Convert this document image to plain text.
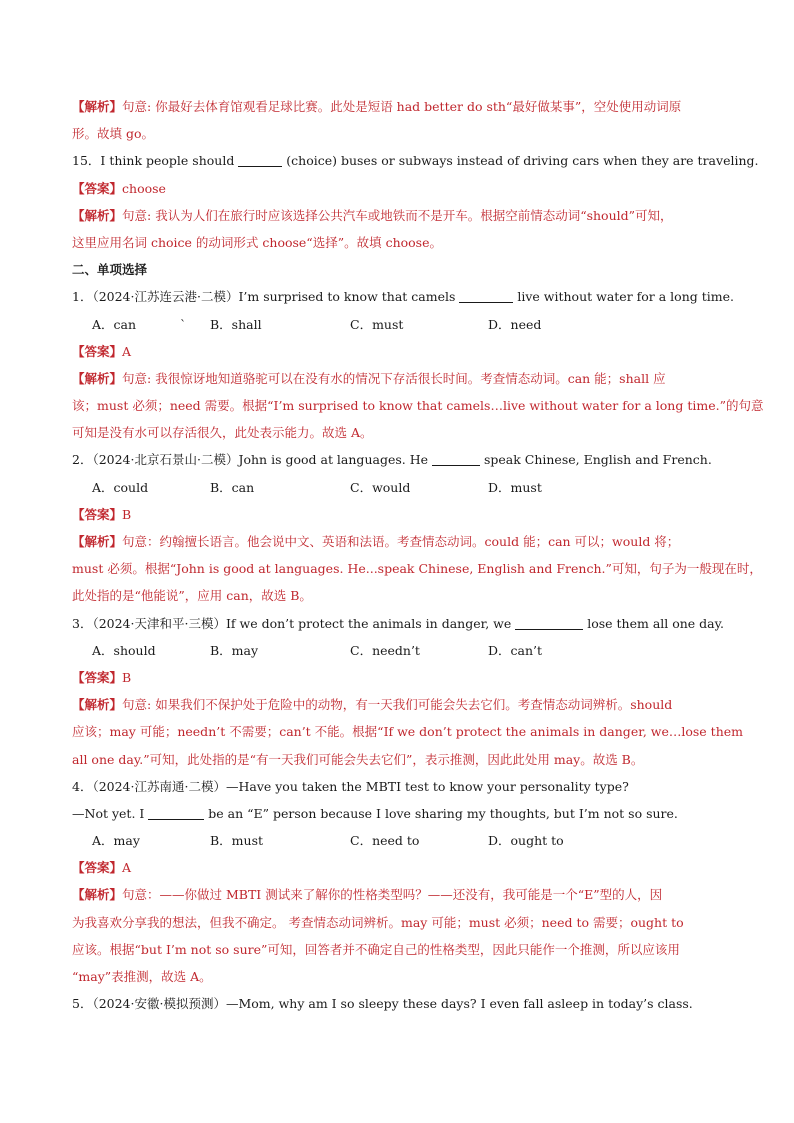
【解析】句意: 你最好去体育馆观看足球比赛。此处是短语 had better do sth“最好做某事”，空处使用动词原
形。故填 go。
15．I think people should	(choice) buses or subways instead of driving cars when they are traveling.
【答案】choose
【解析】句意: 我认为人们在旅行时应该选择公共汽车或地铁而不是开车。根据空前情态动词“should”可知，
这里应用名词 choice 的动词形式 choose“选择”。故填 choose。
二、单项选择
1．（2024·江苏连云港·二模）I’m surprised to know that camels	live without water for a long time.
A．can	` B．shall	C．must	D．need
【答案】A
【解析】句意: 我很惊讶地知道骆驼可以在没有水的情况下存活很长时间。考查情态动词。can 能；shall 应
该；must 必须；need 需要。根据“I’m surprised to know that camels…live without water for a long time.”的句意
可知是没有水可以存活很久，此处表示能力。故选 A。
2．（2024·北京石景山·二模）John is good at languages. He	speak Chinese, English and French.
A．could	B．can	C．would	D．must
【答案】B
【解析】句意：约翰擅长语言。他会说中文、英语和法语。考查情态动词。could 能；can 可以；would 将；
must 必须。根据“John is good at languages. He...speak Chinese, English and French.”可知，句子为一般现在时，
此处指的是“他能说”，应用 can，故选 B。
3．（2024·天津和平·三模）If we don’t protect the animals in danger, we	lose them all one day.
A．should	B．may	C．needn’t	D．can’t
【答案】B
【解析】句意: 如果我们不保护处于危险中的动物，有一天我们可能会失去它们。考查情态动词辨析。should
应该；may 可能；needn’t 不需要；can’t 不能。根据“If we don’t protect the animals in danger, we…lose them
all one day.”可知，此处指的是“有一天我们可能会失去它们”，表示推测，因此此处用 may。故选 B。
4．（2024·江苏南通·二模）—Have you taken the MBTI test to know your personality type?
—Not yet. I	be an “E” person because I love sharing my thoughts, but I’m not so sure.
A．may	B．must	C．need to	D．ought to
【答案】A
【解析】句意：——你做过 MBTI 测试来了解你的性格类型吗？——还没有，我可能是一个“E”型的人，因
为我喜欢分享我的想法，但我不确定。 考查情态动词辨析。may 可能；must 必须；need to 需要；ought to
应该。根据“but I’m not so sure”可知，回答者并不确定自己的性格类型，因此只能作一个推测，所以应该用
“may”表推测，故选 A。
5．（2024·安徽·模拟预测）—Mom, why am I so sleepy these days? I even fall asleep in today’s class.
